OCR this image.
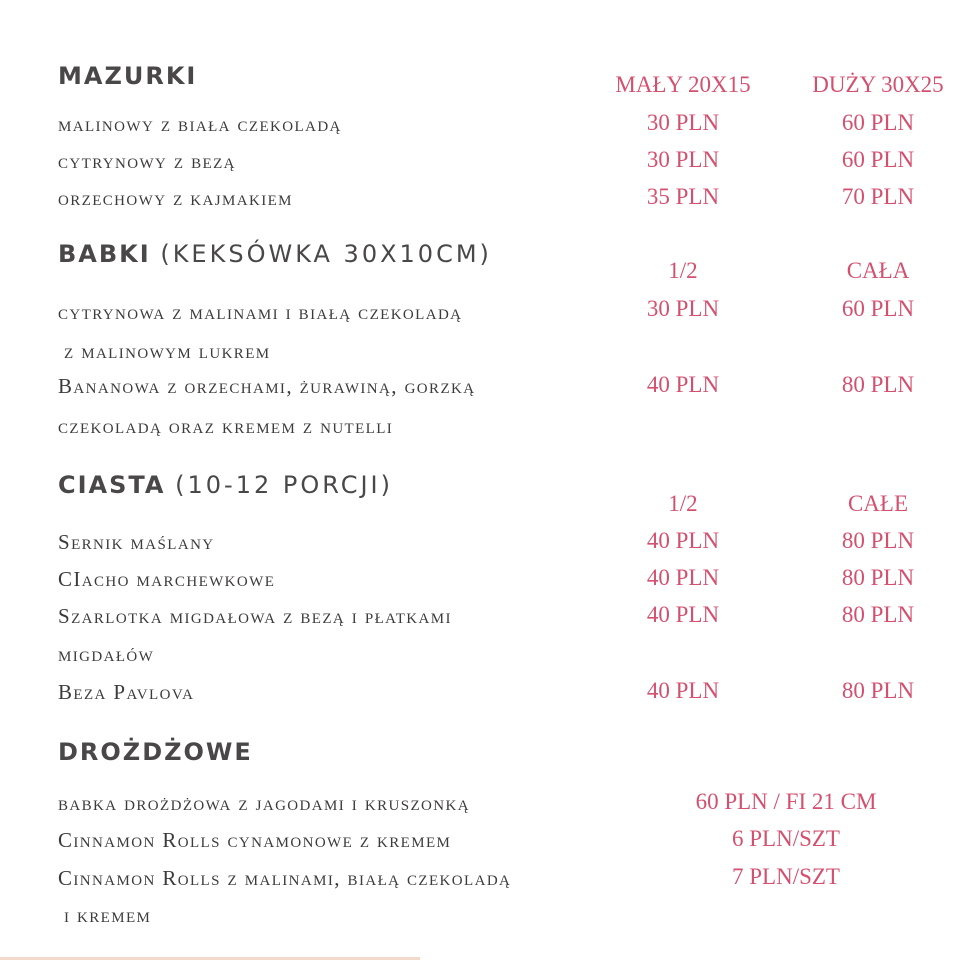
MAZURKI	MAŁY 20X15	DUŻY 30X25
malinowy z biała czekoladą	30 PLN	60 PLN
cytrynowy z bezą	30 PLN	60 PLN
orzechowy z kajmakiem	35 PLN	70 PLN
BABKI (KEKSÓWKA 30X10CM)
1/2	CAŁA
cytrynowa z malinami i białą czekoladą
z malinowym lukrem
30 PLN	60 PLN
Bananowa z orzechami, żurawiną, gorzką
czekoladą oraz kremem z nutelli
40 PLN	80 PLN
CIASTA (10-12 PORCJI)
1/2	CAŁE
Sernik maślany	40 PLN	80 PLN
CIacho marchewkowe	40 PLN	80 PLN
Szarlotka migdałowa z bezą i płatkami
migdałów
40 PLN	80 PLN
Beza Pavlova	40 PLN	80 PLN
DROŻDŻOWE
babka drożdżowa z jagodami i kruszonką	60 PLN / FI 21 CM
Cinnamon Rolls cynamonowe z kremem	6 PLN/SZT
Cinnamon Rolls z malinami, białą czekoladą
i kremem
7 PLN/SZT
